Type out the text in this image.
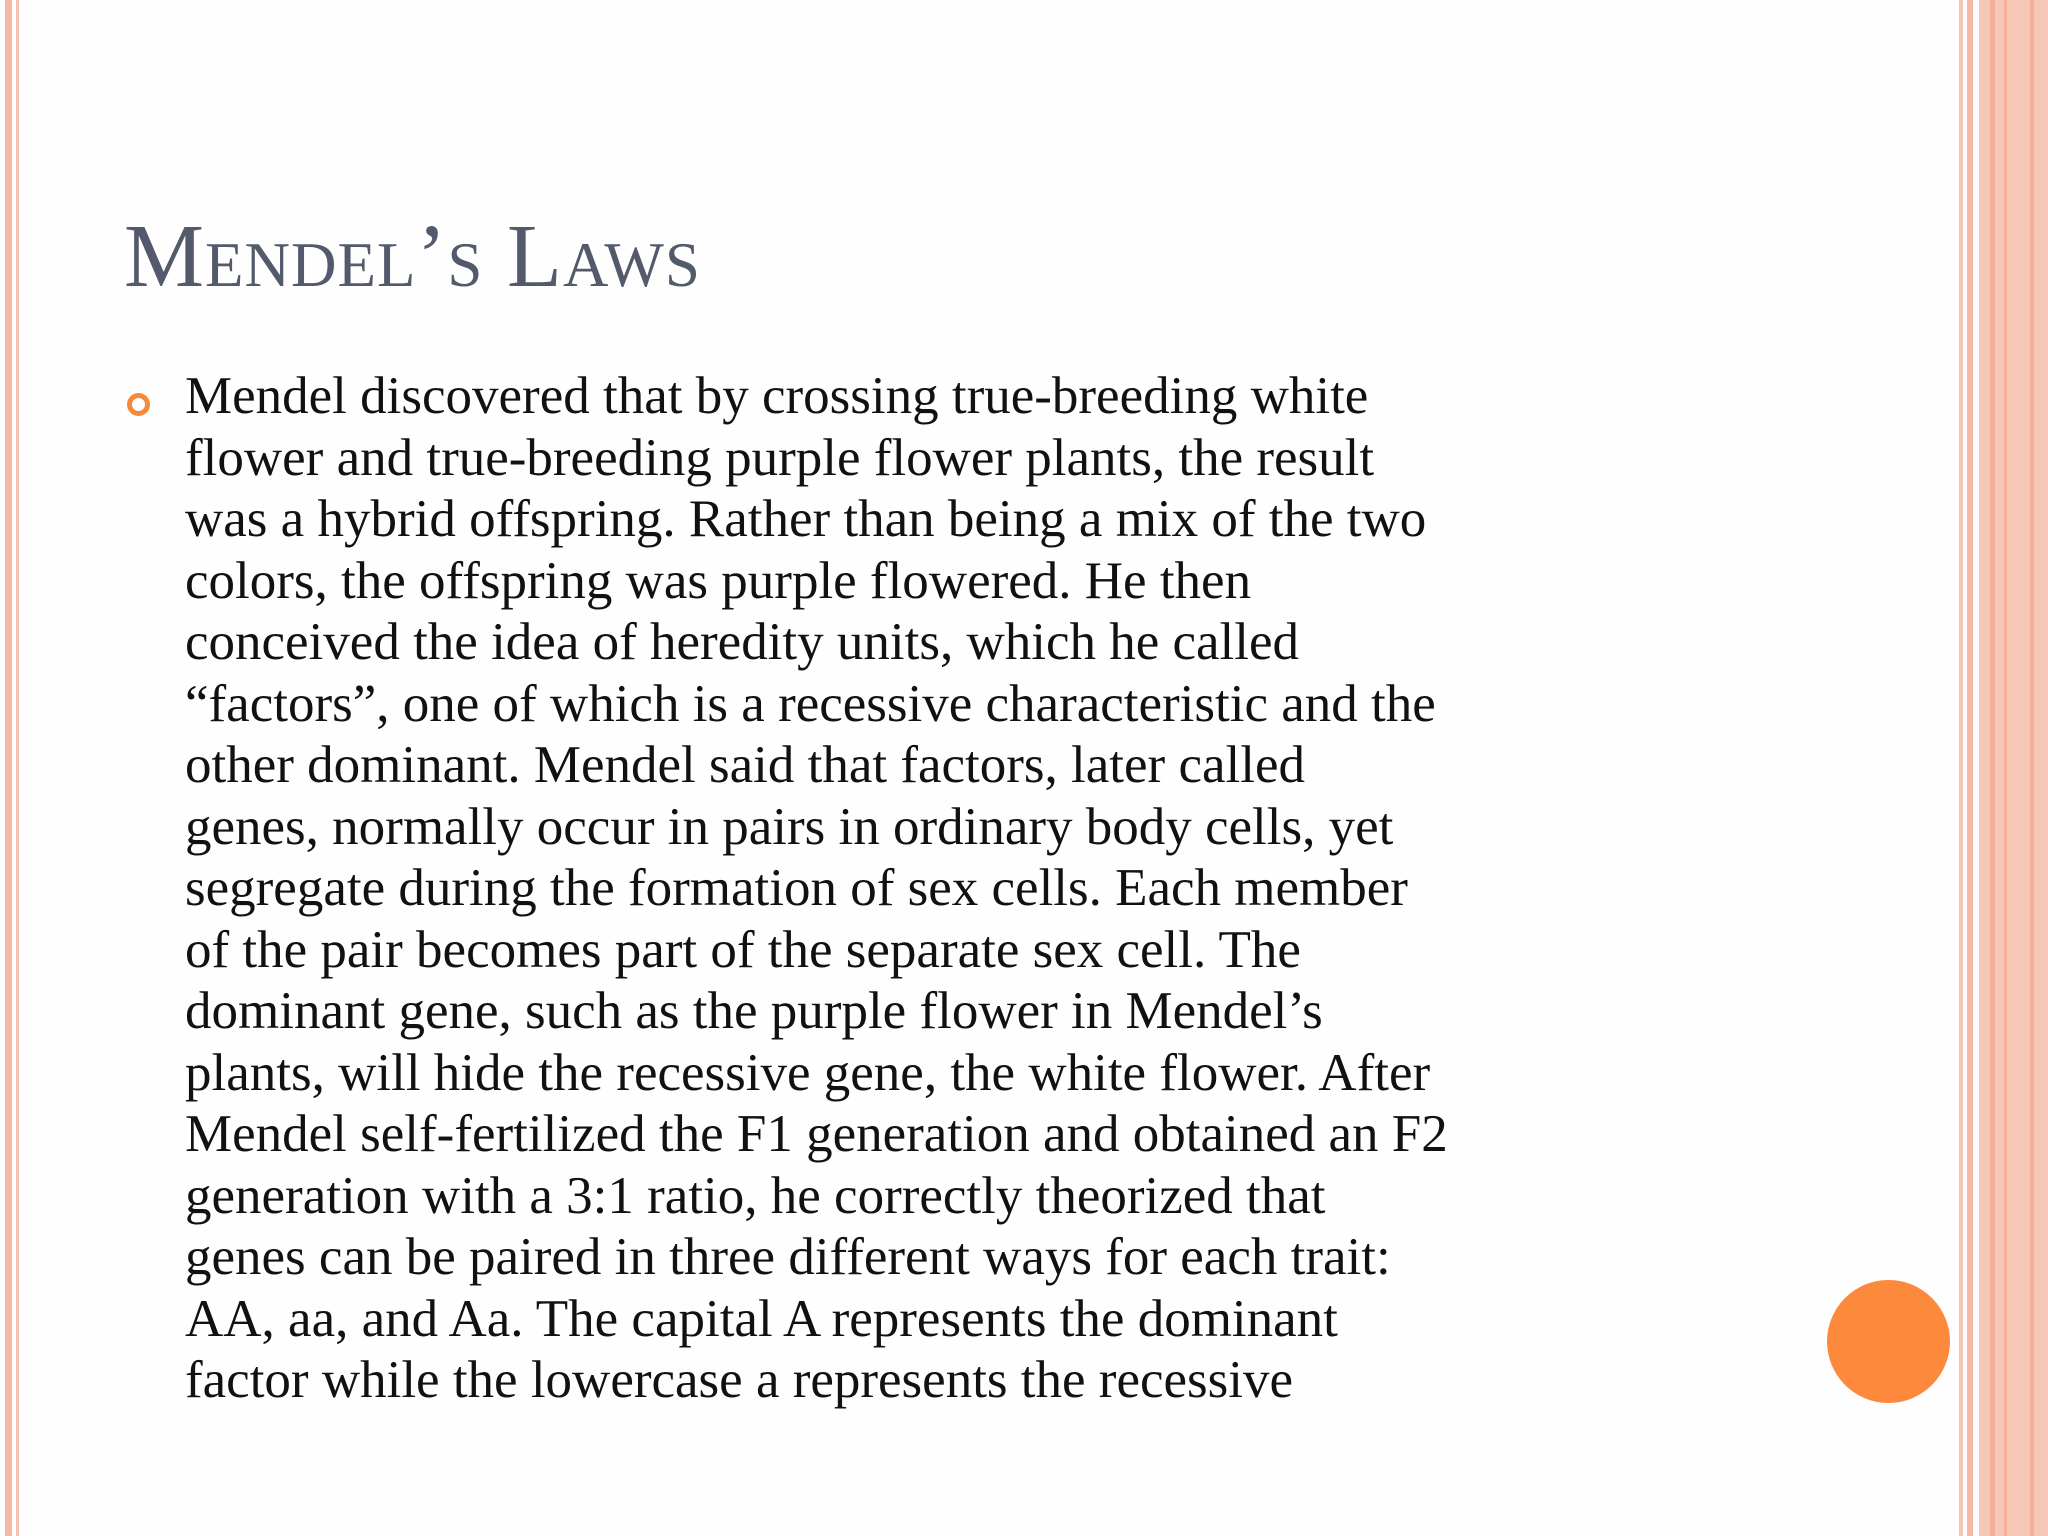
Mendel’s Laws

Mendel discovered that by crossing true-breeding white
flower and true-breeding purple flower plants, the result
was a hybrid offspring. Rather than being a mix of the two
colors, the offspring was purple flowered. He then
conceived the idea of heredity units, which he called
“factors”, one of which is a recessive characteristic and the
other dominant. Mendel said that factors, later called
genes, normally occur in pairs in ordinary body cells, yet
segregate during the formation of sex cells. Each member
of the pair becomes part of the separate sex cell. The
dominant gene, such as the purple flower in Mendel’s
plants, will hide the recessive gene, the white flower. After
Mendel self-fertilized the F1 generation and obtained an F2
generation with a 3:1 ratio, he correctly theorized that
genes can be paired in three different ways for each trait:
AA, aa, and Aa. The capital A represents the dominant
factor while the lowercase a represents the recessive
